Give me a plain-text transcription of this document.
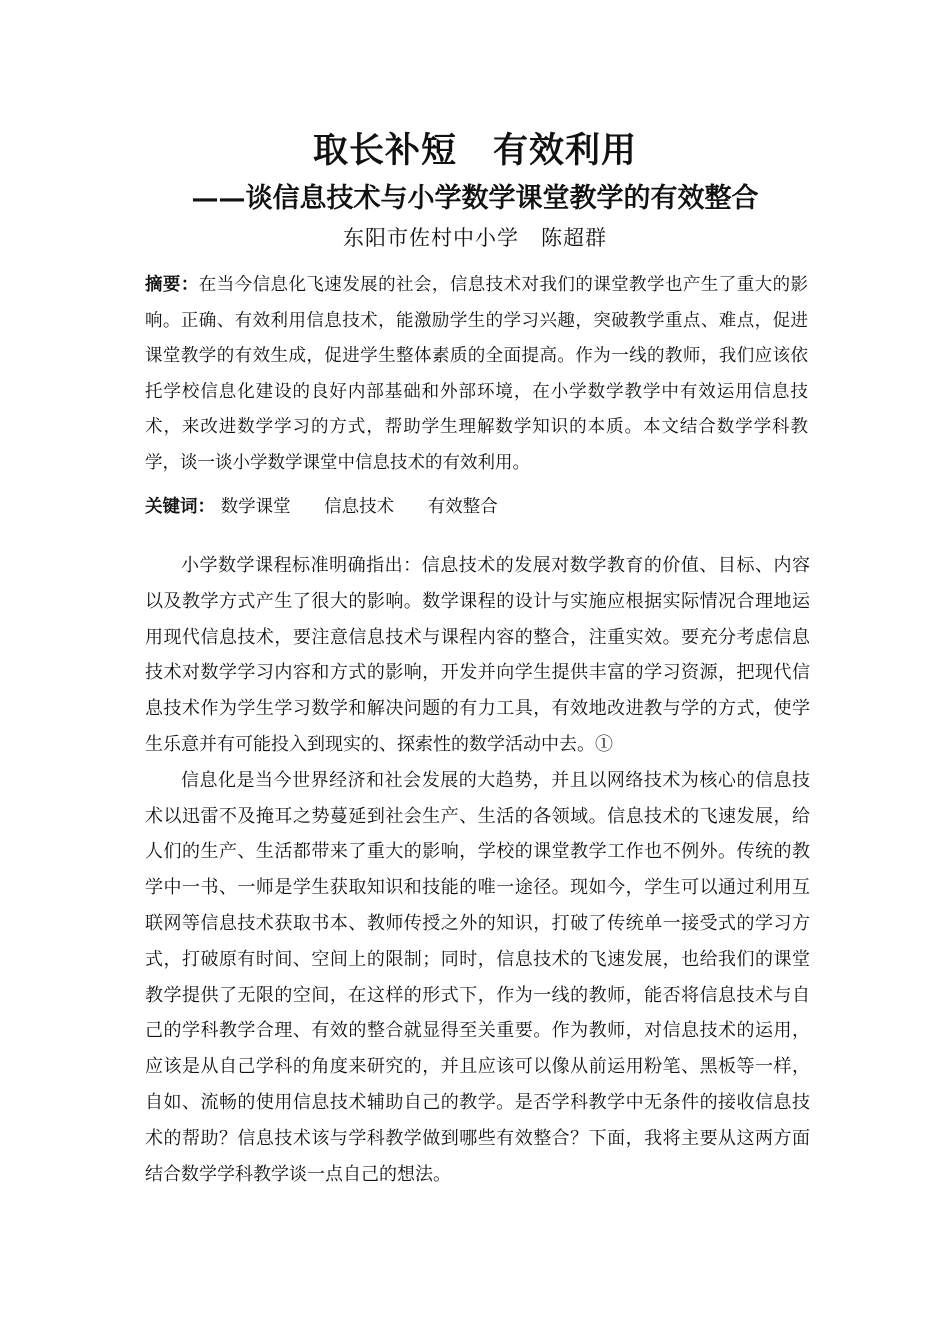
取长补短　有效利用
——谈信息技术与小学数学课堂教学的有效整合
东阳市佐村中小学　陈超群
摘要：在当今信息化飞速发展的社会，信息技术对我们的课堂教学也产生了重大的影响。正确、有效利用信息技术，能激励学生的学习兴趣，突破教学重点、难点，促进课堂教学的有效生成，促进学生整体素质的全面提高。作为一线的教师，我们应该依托学校信息化建设的良好内部基础和外部环境，在小学数学教学中有效运用信息技术，来改进数学学习的方式，帮助学生理解数学知识的本质。本文结合数学学科教学，谈一谈小学数学课堂中信息技术的有效利用。
关键词： 数学课堂 信息技术 有效整合

小学数学课程标准明确指出：信息技术的发展对数学教育的价值、目标、内容以及教学方式产生了很大的影响。数学课程的设计与实施应根据实际情况合理地运用现代信息技术，要注意信息技术与课程内容的整合，注重实效。要充分考虑信息技术对数学学习内容和方式的影响，开发并向学生提供丰富的学习资源，把现代信息技术作为学生学习数学和解决问题的有力工具，有效地改进教与学的方式，使学生乐意并有可能投入到现实的、探索性的数学活动中去。①

信息化是当今世界经济和社会发展的大趋势，并且以网络技术为核心的信息技术以迅雷不及掩耳之势蔓延到社会生产、生活的各领域。信息技术的飞速发展，给人们的生产、生活都带来了重大的影响，学校的课堂教学工作也不例外。传统的教学中一书、一师是学生获取知识和技能的唯一途径。现如今，学生可以通过利用互联网等信息技术获取书本、教师传授之外的知识，打破了传统单一接受式的学习方式，打破原有时间、空间上的限制；同时，信息技术的飞速发展，也给我们的课堂教学提供了无限的空间，在这样的形式下，作为一线的教师，能否将信息技术与自己的学科教学合理、有效的整合就显得至关重要。作为教师，对信息技术的运用，应该是从自己学科的角度来研究的，并且应该可以像从前运用粉笔、黑板等一样，自如、流畅的使用信息技术辅助自己的教学。是否学科教学中无条件的接收信息技术的帮助？信息技术该与学科教学做到哪些有效整合？下面，我将主要从这两方面结合数学学科教学谈一点自己的想法。
